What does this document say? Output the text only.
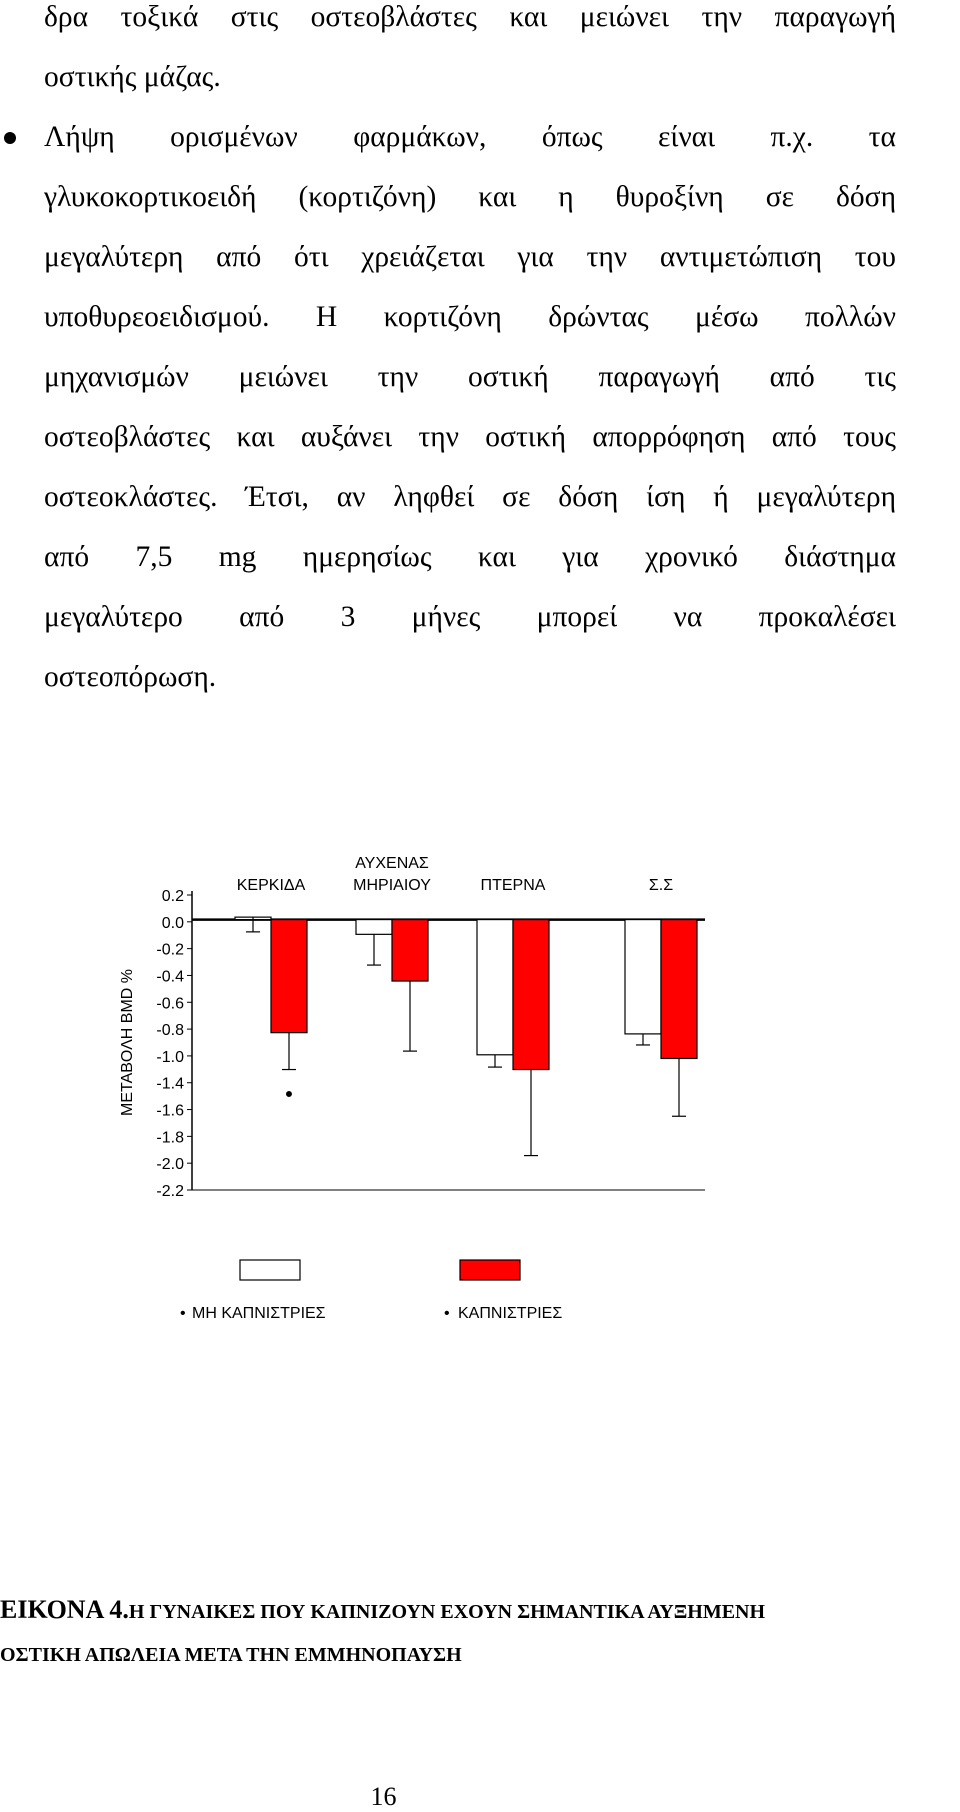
δρα τοξικά στις οστεοβλάστες και μειώνει την παραγωγή
οστικής μάζας.
Λήψη ορισμένων φαρμάκων, όπως είναι π.χ. τα
γλυκοκορτικοειδή (κορτιζόνη) και η θυροξίνη σε δόση
μεγαλύτερη από ότι χρειάζεται για την αντιμετώπιση του
υποθυρεοειδισμού. Η κορτιζόνη δρώντας μέσω πολλών
μηχανισμών μειώνει την οστική παραγωγή από τις
οστεοβλάστες και αυξάνει την οστική απορρόφηση από τους
οστεοκλάστες. Έτσι, αν ληφθεί σε δόση ίση ή μεγαλύτερη
από 7,5 mg ημερησίως και για χρονικό διάστημα
μεγαλύτερο από 3 μήνες μπορεί να προκαλέσει
οστεοπόρωση.
0.2
0.0
-0.2
-0.4
-0.6
-0.8
-1.0
-1.4
-1.6
-1.8
-2.0
-2.2
ΜΕΤΑΒΟΛΗ BMD %
ΚΕΡΚΙΔΑ
ΑΥΧΕΝΑΣ
ΜΗΡΙΑΙΟΥ	ΠΤΕΡΝΑ	Σ.Σ
•
• ΜΗ ΚΑΠΝΙΣΤΡΙΕΣ	• ΚΑΠΝΙΣΤΡΙΕΣ
ΕΙΚΟΝΑ 4.Η ΓΥΝΑΙΚΕΣ ΠΟΥ ΚΑΠΝΙΖΟΥΝ ΕΧΟΥΝ ΣΗΜΑΝΤΙΚΑ ΑΥΞΗΜΕΝΗ
ΟΣΤΙΚΗ ΑΠΩΛΕΙΑ ΜΕΤΑ ΤΗΝ ΕΜΜΗΝΟΠΑΥΣΗ
16
